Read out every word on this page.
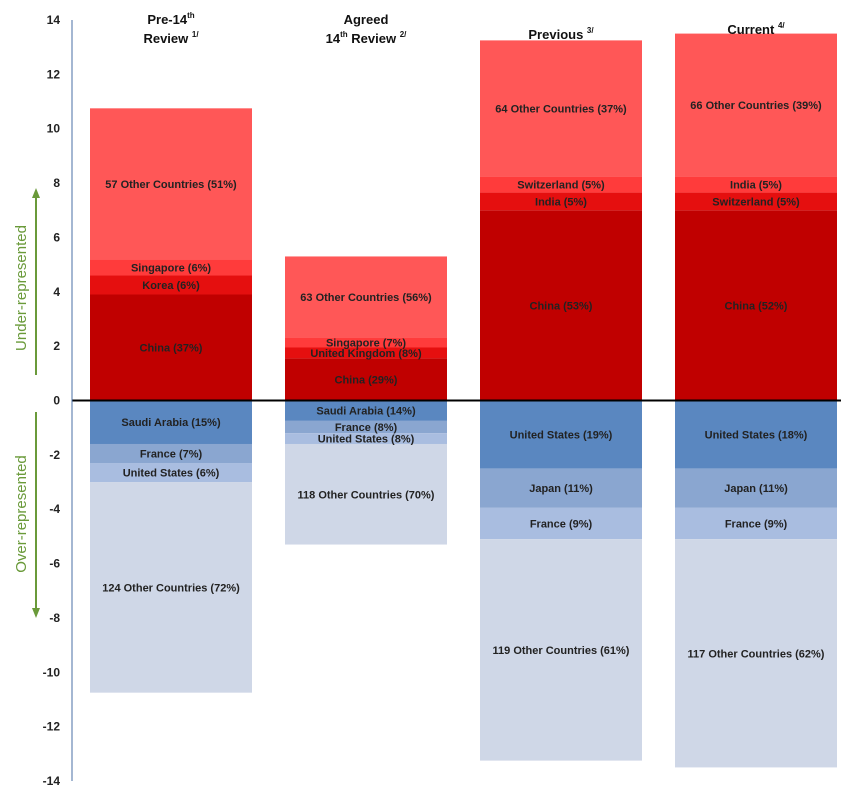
China (37%)
Korea (6%)
Singapore (6%)
57 Other Countries (51%)
Saudi Arabia (15%)
France (7%)
United States (6%)
124 Other Countries (72%)
China (29%)
United Kingdom (8%)
Singapore (7%)
63 Other Countries (56%)
Saudi Arabia (14%)
France (8%)
United States (8%)
118 Other Countries (70%)
China (53%)
India (5%)
Switzerland (5%)
64 Other Countries (37%)
United States (19%)
Japan (11%)
France (9%)
119 Other Countries (61%)
China (52%)
Switzerland (5%)
India (5%)
66 Other Countries (39%)
United States (18%)
Japan (11%)
France (9%)
117 Other Countries (62%)
14
12
10
8
6
4
2
0
-2
-4
-6
-8
-10
-12
-14
Pre-14th
Review $^{1/}$
Agreed
14th Review $^{2/}$	Previous $^{3/}$	Current $^{4/}$
Under-represented
Over-represented
